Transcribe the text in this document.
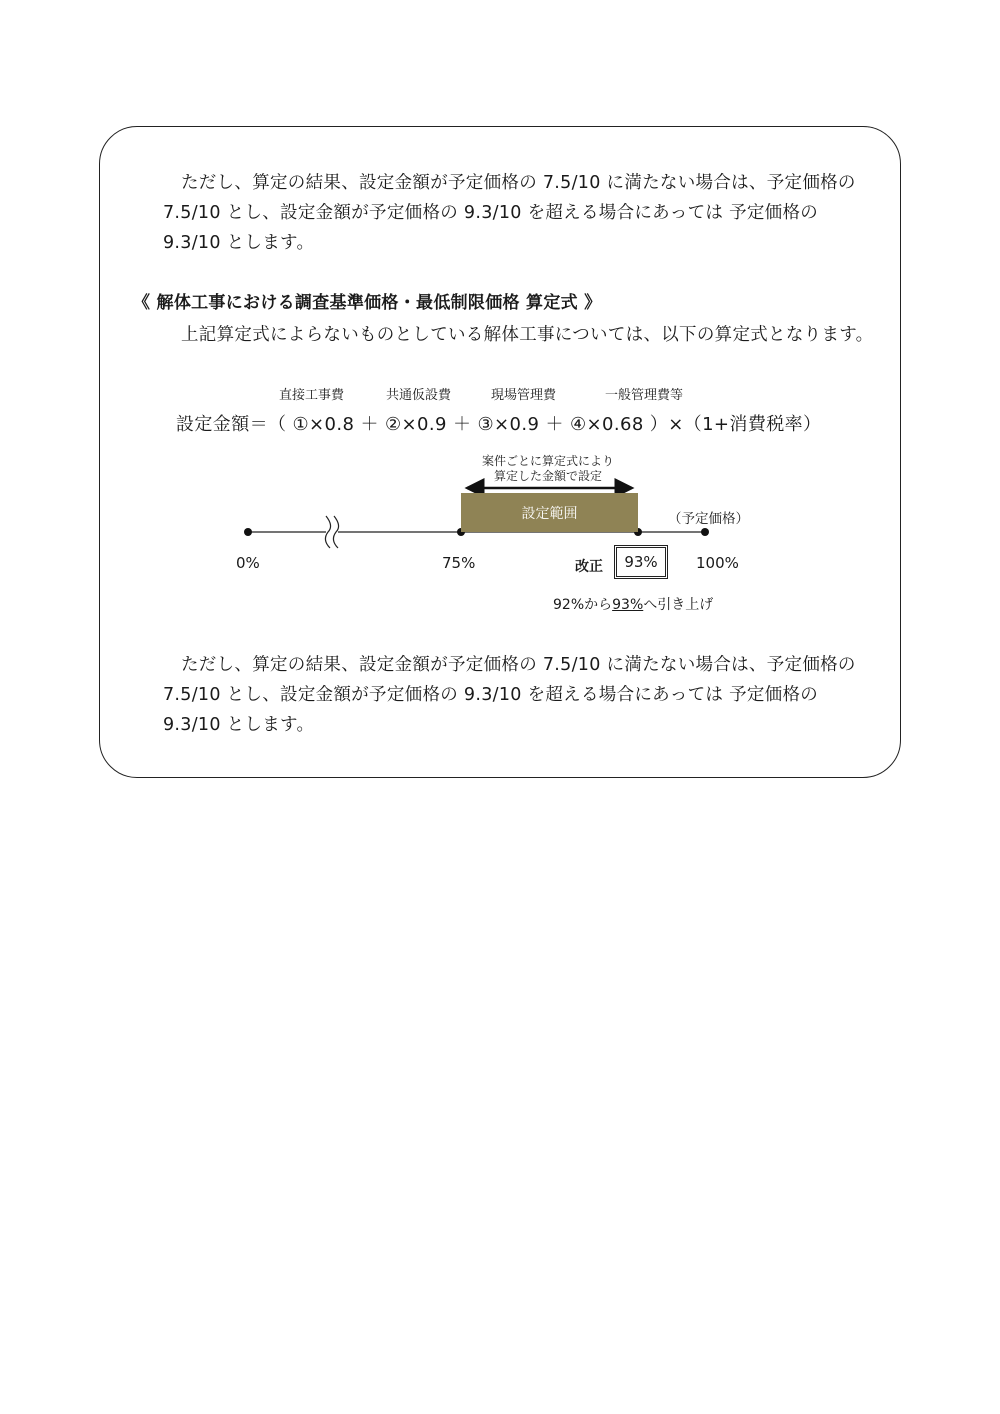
ただし、算定の結果、設定金額が予定価格の 7.5/10 に満たない場合は、予定価格の 7.5/10 とし、設定金額が予定価格の 9.3/10 を超える場合にあっては 予定価格の 9.3/10 とします。

《 解体工事における調査基準価格・最低制限価格 算定式 》

上記算定式によらないものとしている解体工事については、以下の算定式となります。

直接工事費	共通仮設費	現場管理費	一般管理費等
設定金額＝（ ①×0.8 ＋ ②×0.9 ＋ ③×0.9 ＋ ④×0.68 ）×（1+消費税率）
案件ごとに算定式により
算定した金額で設定
設定範囲	（予定価格）
0%	75%	100%
改正	93%
92%から93%へ引き上げ

ただし、算定の結果、設定金額が予定価格の 7.5/10 に満たない場合は、予定価格の 7.5/10 とし、設定金額が予定価格の 9.3/10 を超える場合にあっては 予定価格の 9.3/10 とします。
